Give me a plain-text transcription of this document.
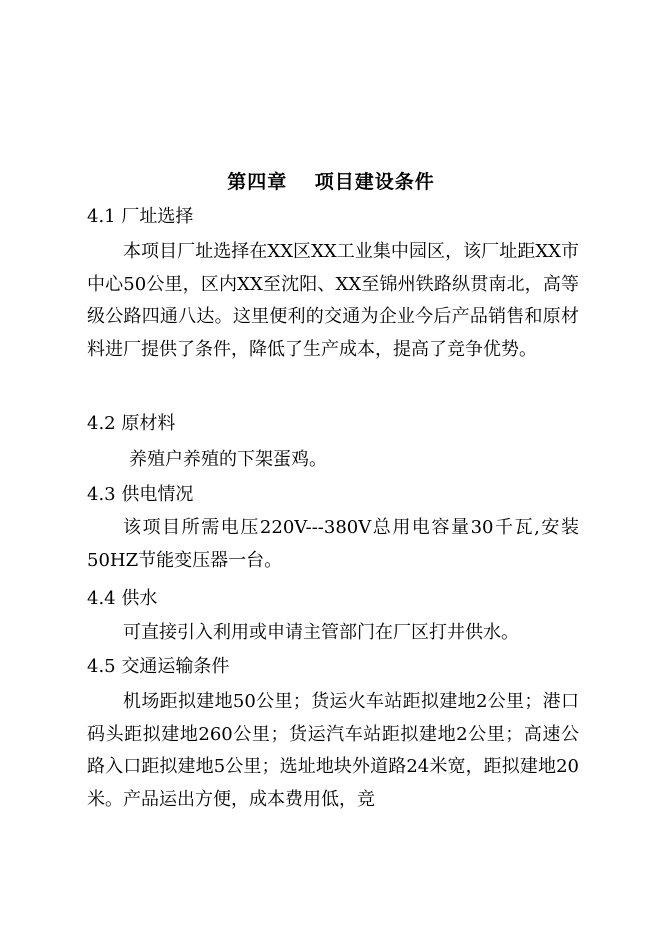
第四章　 项目建设条件
4.1 厂址选择
本项目厂址选择在XX区XX工业集中园区，该厂址距XX市中心50公里，区内XX至沈阳、XX至锦州铁路纵贯南北，高等级公路四通八达。这里便利的交通为企业今后产品销售和原材料进厂提供了条件，降低了生产成本，提高了竞争优势。
4.2 原材料
养殖户养殖的下架蛋鸡。
4.3 供电情况
该项目所需电压220V---380V总用电容量30千瓦,安装50HZ节能变压器一台。
4.4 供水
可直接引入利用或申请主管部门在厂区打井供水。
4.5 交通运输条件
机场距拟建地50公里；货运火车站距拟建地2公里；港口码头距拟建地260公里；货运汽车站距拟建地2公里；高速公路入口距拟建地5公里；选址地块外道路24米宽，距拟建地20米。产品运出方便，成本费用低，竞
